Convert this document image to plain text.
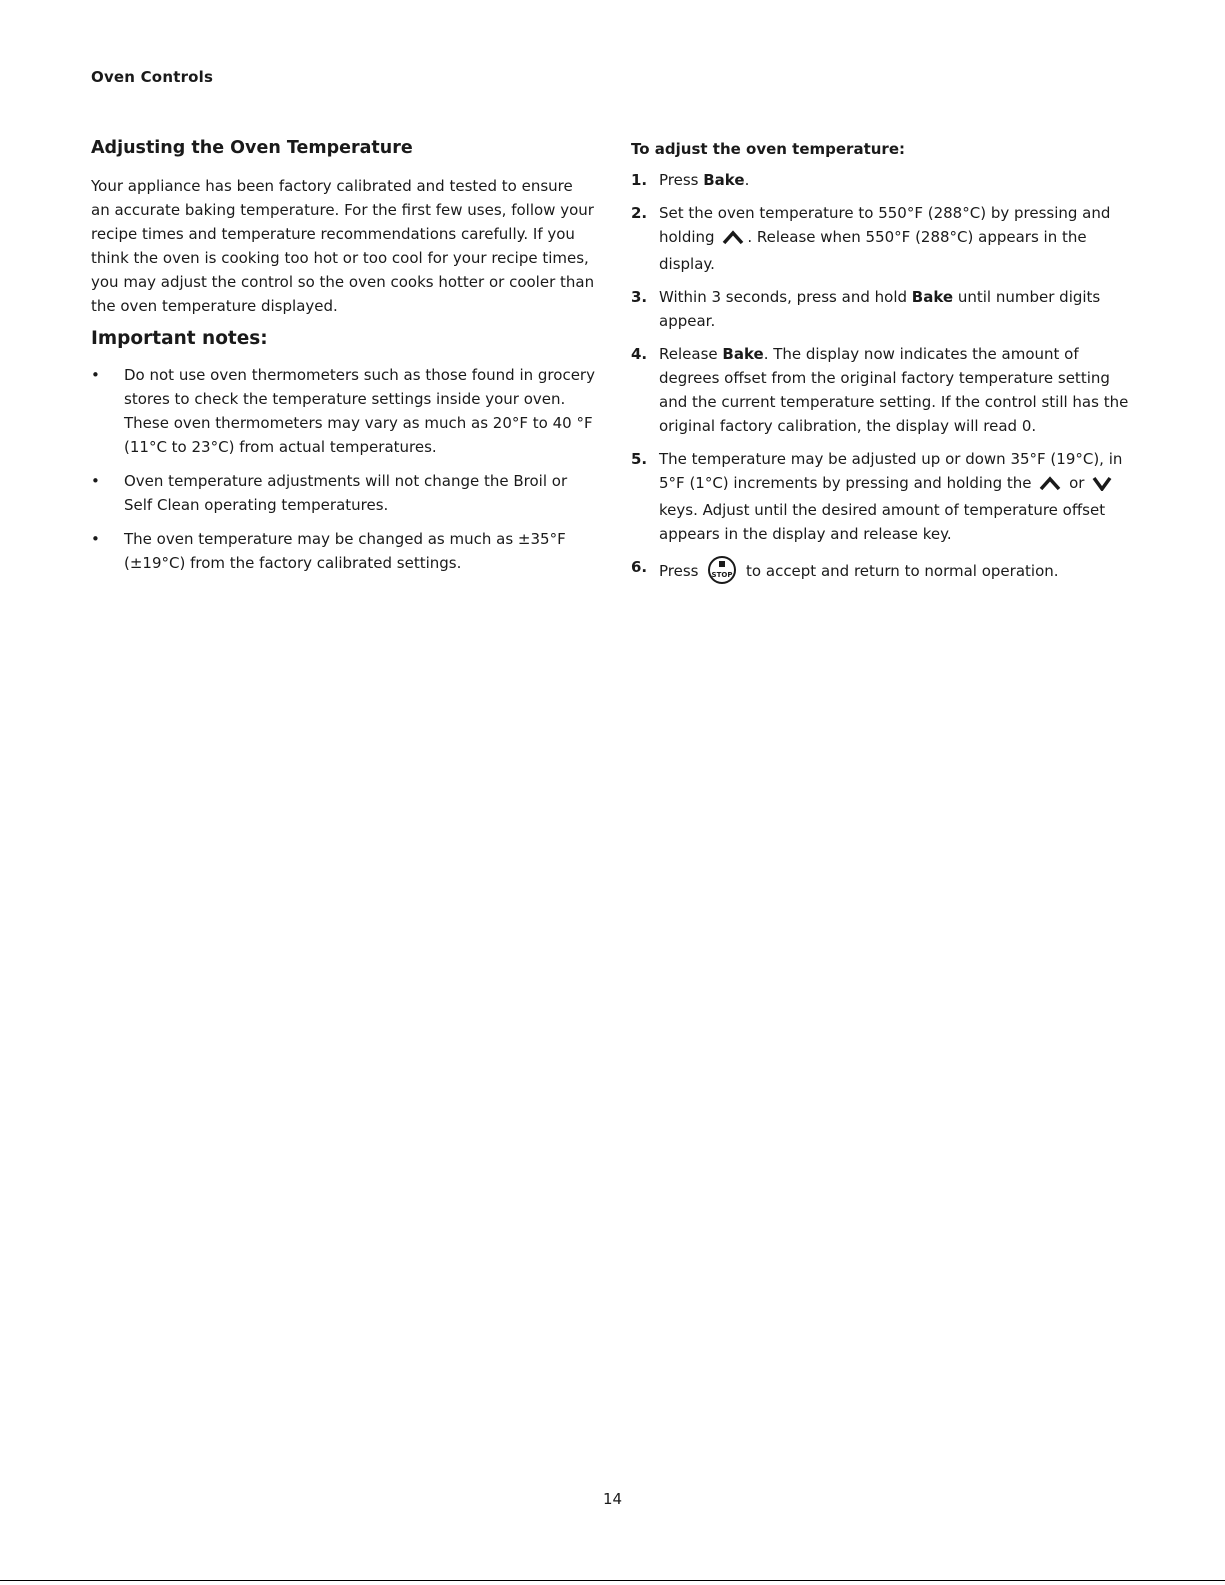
Oven Controls
Adjusting the Oven Temperature

Your appliance has been factory calibrated and tested to ensure an accurate baking temperature. For the first few uses, follow your recipe times and temperature recommendations carefully. If you think the oven is cooking too hot or too cool for your recipe times, you may adjust the control so the oven cooks hotter or cooler than the oven temperature displayed.

Important notes:
• Do not use oven thermometers such as those found in grocery stores to check the temperature settings inside your oven. These oven thermometers may vary as much as 20°F to 40 °F (11°C to 23°C) from actual temperatures.
• Oven temperature adjustments will not change the Broil or Self Clean operating temperatures.
• The oven temperature may be changed as much as ±35°F (±19°C) from the factory calibrated settings.
To adjust the oven temperature:
1. Press Bake.
2. Set the oven temperature to 550°F (288°C) by pressing and holding . Release when 550°F (288°C) appears in the display.
3. Within 3 seconds, press and hold Bake until number digits appear.
4. Release Bake. The display now indicates the amount of degrees offset from the original factory temperature setting and the current temperature setting. If the control still has the original factory calibration, the display will read 0.
5. The temperature may be adjusted up or down 35°F (19°C), in 5°F (1°C) increments by pressing and holding the	or  keys. Adjust until the desired amount of temperature offset appears in the display and release key.
6. Press STOP to accept and return to normal operation.
14
